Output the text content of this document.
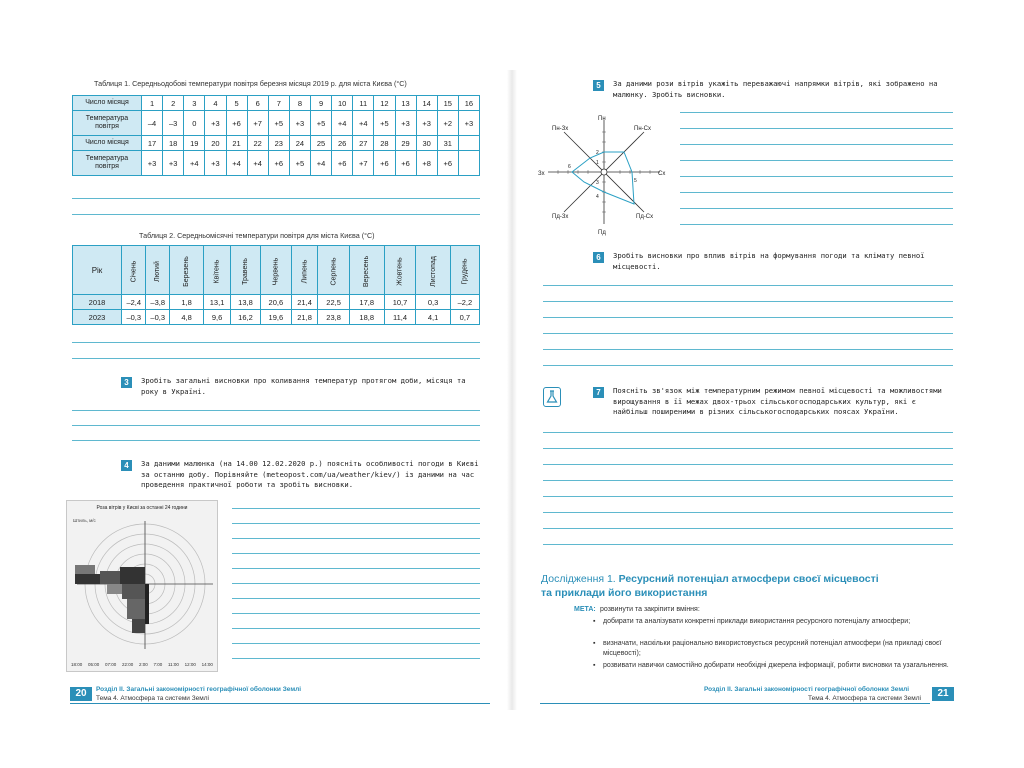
Таблиця 1. Середньодобові температури повітря березня місяця 2019 р. для міста Києва (°С)
Число місяця	1	2	3	4	5	6	7	8	9	10	11	12	13	14	15	16
Температура повітря	–4	–3	0	+3	+6	+7	+5	+3	+5	+4	+4	+5	+3	+3	+2	+3
Число місяця	17	18	19	20	21	22	23	24	25	26	27	28	29	30	31	
Температура повітря	+3	+3	+4	+3	+4	+4	+6	+5	+4	+6	+7	+6	+6	+8	+6	
Таблиця 2. Середньомісячні температури повітря для міста Києва (°С)
Рік	Січень	Лютий	Березень	Квітень	Травень	Червень	Липень	Серпень	Вересень	Жовтень	Листопад	Грудень
2018	–2,4	–3,8	1,8	13,1	13,8	20,6	21,4	22,5	17,8	10,7	0,3	–2,2
2023	–0,3	–0,3	4,8	9,6	16,2	19,6	21,8	23,8	18,8	11,4	4,1	0,7
3	Зробіть загальні висновки про коливання температур протягом доби, місяця та року в Україні.
4	За даними малюнка (на 14.00 12.02.2020 р.) поясніть особливості погоди в Києві за останню добу. Порівняйте (meteopost.com/ua/weather/kiev/) із даними на час проведення практичної роботи та зробіть висновки.
Роза вітрів у Києві за останні 24 години
Штиль, м/с
18:00 05:00 07:00 22:00 2:00 7:00 11:00 12:00 14:00
20	Розділ II. Загальні закономірності географічної оболонки Землі
Тема 4. Атмосфера та системи Землі
5	За даними рози вітрів укажіть переважаючі напрямки вітрів, які зображено на малюнку. Зробіть висновки.
Пн
Пд
Сх
Зх
Пн-Сх
Пн-Зх
Пд-Сх
Пд-Зх
1
2
3
4
5
6
6	Зробіть висновки про вплив вітрів на формування погоди та клімату певної місцевості.
7	Поясніть зв'язок між температурним режимом певної місцевості та можливостями вирощування в її межах двох-трьох сільськогосподарських культур, які є найбільш поширеними в різних сільськогосподарських поясах України.
Дослідження 1. Ресурсний потенціал атмосфери своєї місцевості
та приклади його використання
МЕТА: розвинути та закріпити вміння:
▪ добирати та аналізувати конкретні приклади використання ресурсного потенціалу атмосфери;
▪ визначати, наскільки раціонально використовується ресурсний потенціал атмосфери (на прикладі своєї місцевості);
▪ розвивати навички самостійно добирати необхідні джерела інформації, робити висновки та узагальнення.
Розділ II. Загальні закономірності географічної оболонки Землі
Тема 4. Атмосфера та системи Землі	21
